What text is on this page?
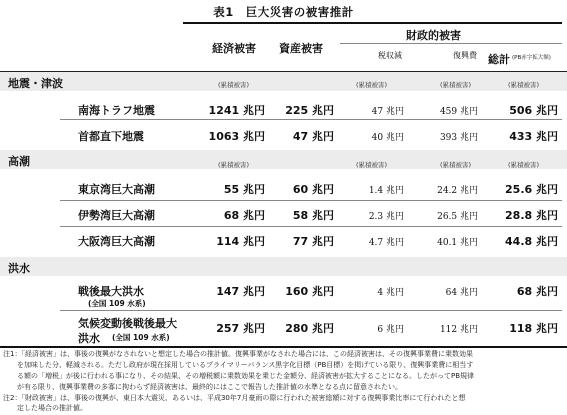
表1　巨大災害の被害推計
経済被害 資産被害
財政的被害
税収減	復興費 総計 (PB赤字拡大額)
地震・津波	(累積被害)	(累積被害)	(累積被害)	(累積被害)
南海トラフ地震	1241 兆円	225 兆円	47 兆円	459 兆円	506 兆円
首都直下地震	1063 兆円	47 兆円	40 兆円	393 兆円	433 兆円
高潮	(累積被害)	(累積被害)	(累積被害)	(累積被害)
東京湾巨大高潮	55 兆円	60 兆円	1.4 兆円	24.2 兆円	25.6 兆円
伊勢湾巨大高潮	68 兆円	58 兆円	2.3 兆円	26.5 兆円	28.8 兆円
大阪湾巨大高潮	114 兆円	77 兆円	4.7 兆円	40.1 兆円	44.8 兆円
洪水
戦後最大洪水
(全国 109 水系)
147 兆円	160 兆円	4 兆円	64 兆円	68 兆円
気候変動後戦後最大
洪水 (全国 109 水系)
257 兆円	280 兆円	6 兆円	112 兆円	118 兆円
注1：「経済被害」は、事後の復興がなされないと想定した場合の推計値。復興事業がなされた場合には、この経済被害は、その復興事業費に乗数効果
　　を加味した分、軽減される。ただし政府が現在採用しているプライマリーバランス黒字化目標（PB目標）を掲げている限り、復興事業費に相当す
　　る額の「増税」が後に行われる事になり、その結果、その増税額に乗数効果を乗じた金額分、経済被害が拡大することになる。したがってPB規律
　　が有る限り、復興事業費の多寡に拘わらず経済被害は、最終的にはここで報告した推計値の水準となる点に留意されたい。
注2：「財政被害」は、事後の復興が、東日本大震災、あるいは、平成30年7月豪雨の際に行われた被害総額に対する復興事業比率にて行われたと想
　　定した場合の推計値。
